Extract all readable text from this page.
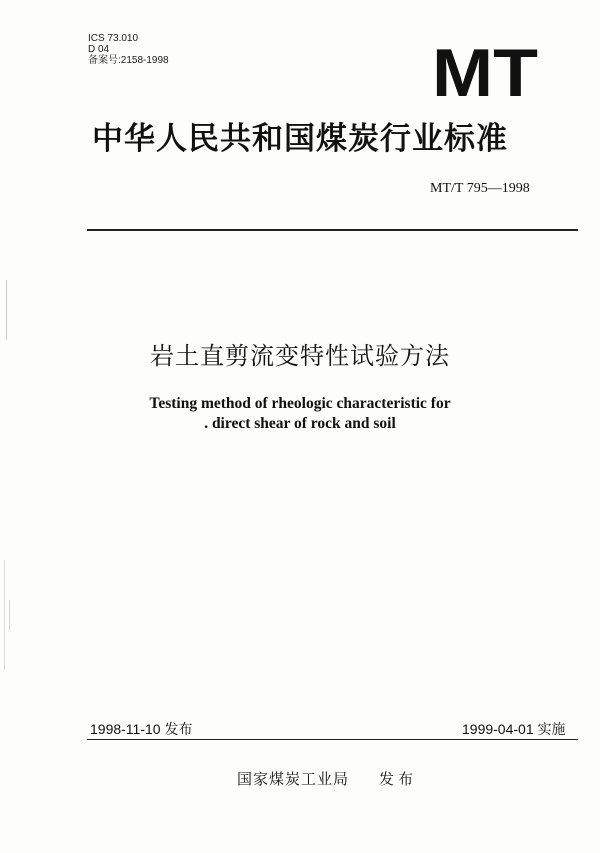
ICS 73.010
D 04
备案号:2158-1998	MT
中华人民共和国煤炭行业标准
MT/T 795—1998
岩土直剪流变特性试验方法
Testing method of rheologic characteristic for
. direct shear of rock and soil
1998-11-10 发布	1999-04-01 实施
国家煤炭工业局 发布
